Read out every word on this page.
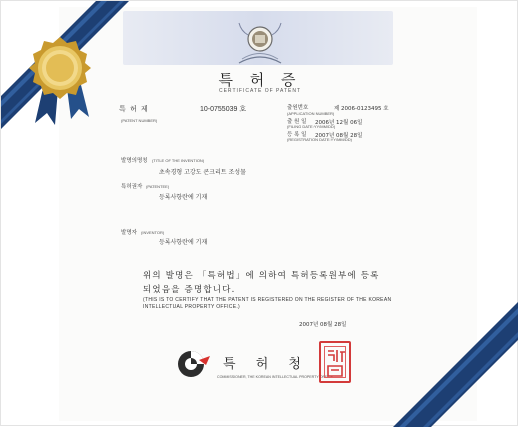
특 허 증
CERTIFICATE OF PATENT
특 허 제	10-0755039 호
(PATENT NUMBER)
출원번호
(APPLICATION NUMBER)
제 2006-0123495 호
출 원 일
(FILING DATE:YY/MM/DD)
2006년 12월 06일
등 록 일
(REGISTRATION DATE:YY/MM/DD)
2007년 08월 28일
발명의명칭 (TITLE OF THE INVENTION)
초속경형 고강도 콘크리트 조성물
특허권자 (PATENTEE)
등록사항란에 기재
발명자 (INVENTOR)
등록사항란에 기재
위의 발명은 「특허법」에 의하여 특허등록원부에 등록
되었음을 증명합니다.
(THIS IS TO CERTIFY THAT THE PATENT IS REGISTERED ON THE REGISTER OF THE KOREAN
INTELLECTUAL PROPERTY OFFICE.)
2007년 08월 28일
특 허 청
COMMISSIONER, THE KOREAN INTELLECTUAL PROPERTY OFFICE
